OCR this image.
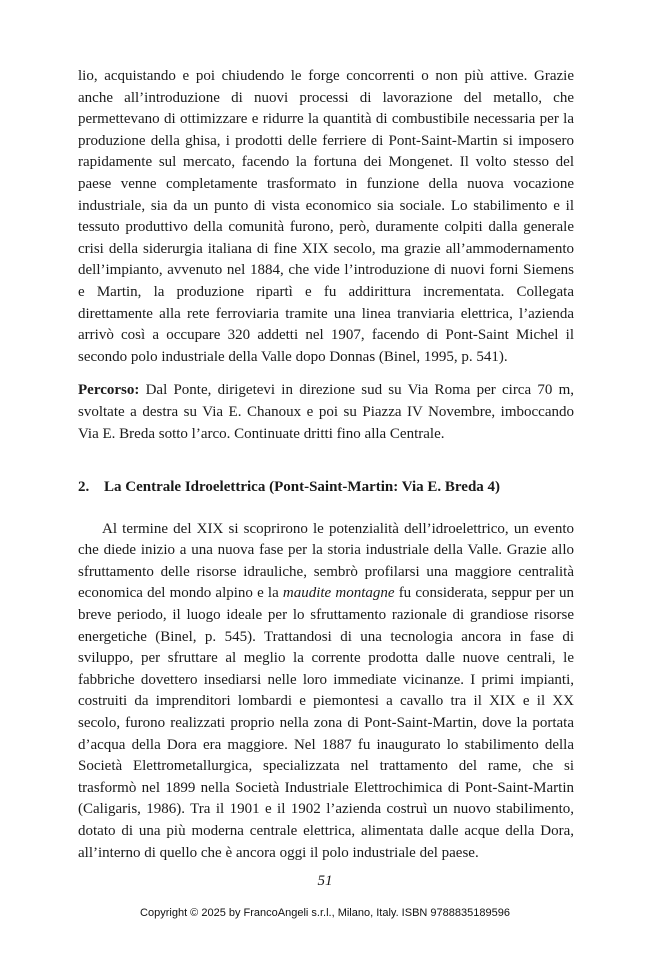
lio, acquistando e poi chiudendo le forge concorrenti o non più attive. Grazie anche all’introduzione di nuovi processi di lavorazione del metallo, che permettevano di ottimizzare e ridurre la quantità di combustibile necessaria per la produzione della ghisa, i prodotti delle ferriere di Pont-Saint-Martin si imposero rapidamente sul mercato, facendo la fortuna dei Mongenet. Il volto stesso del paese venne completamente trasformato in funzione della nuova vocazione industriale, sia da un punto di vista economico sia sociale. Lo stabilimento e il tessuto produttivo della comunità furono, però, duramente colpiti dalla generale crisi della siderurgia italiana di fine XIX secolo, ma grazie all’ammodernamento dell’impianto, avvenuto nel 1884, che vide l’introduzione di nuovi forni Siemens e Martin, la produzione ripartì e fu addirittura incrementata. Collegata direttamente alla rete ferroviaria tramite una linea tranviaria elettrica, l’azienda arrivò così a occupare 320 addetti nel 1907, facendo di Pont-Saint Michel il secondo polo industriale della Valle dopo Donnas (Binel, 1995, p. 541).

Percorso: Dal Ponte, dirigetevi in direzione sud su Via Roma per circa 70 m, svoltate a destra su Via E. Chanoux e poi su Piazza IV Novembre, imboccando Via E. Breda sotto l’arco. Continuate dritti fino alla Centrale.

2. La Centrale Idroelettrica (Pont-Saint-Martin: Via E. Breda 4)

Al termine del XIX si scoprirono le potenzialità dell’idroelettrico, un evento che diede inizio a una nuova fase per la storia industriale della Valle. Grazie allo sfruttamento delle risorse idrauliche, sembrò profilarsi una maggiore centralità economica del mondo alpino e la maudite montagne fu considerata, seppur per un breve periodo, il luogo ideale per lo sfruttamento razionale di grandiose risorse energetiche (Binel, p. 545). Trattandosi di una tecnologia ancora in fase di sviluppo, per sfruttare al meglio la corrente prodotta dalle nuove centrali, le fabbriche dovettero insediarsi nelle loro immediate vicinanze. I primi impianti, costruiti da imprenditori lombardi e piemontesi a cavallo tra il XIX e il XX secolo, furono realizzati proprio nella zona di Pont-Saint-Martin, dove la portata d’acqua della Dora era maggiore. Nel 1887 fu inaugurato lo stabilimento della Società Elettrometallurgica, specializzata nel trattamento del rame, che si trasformò nel 1899 nella Società Industriale Elettrochimica di Pont-Saint-Martin (Caligaris, 1986). Tra il 1901 e il 1902 l’azienda costruì un nuovo stabilimento, dotato di una più moderna centrale elettrica, alimentata dalle acque della Dora, all’interno di quello che è ancora oggi il polo industriale del paese.

51
Copyright © 2025 by FrancoAngeli s.r.l., Milano, Italy. ISBN 9788835189596
